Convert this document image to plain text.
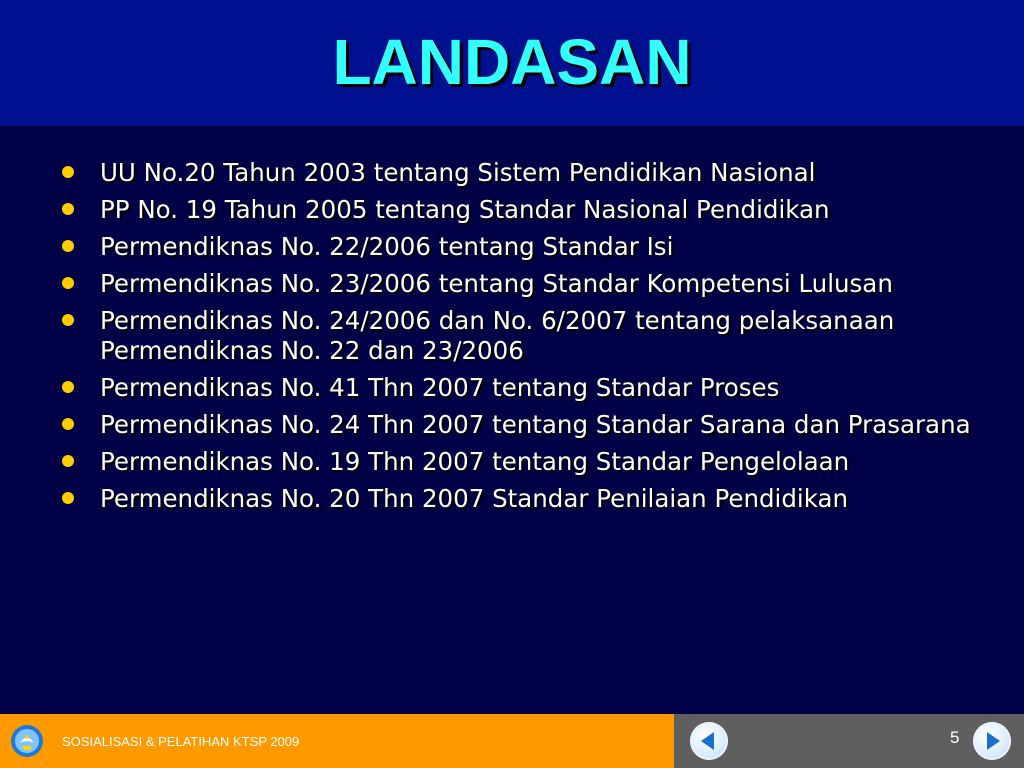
LANDASAN
UU No.20 Tahun 2003 tentang Sistem Pendidikan Nasional
PP No. 19 Tahun 2005 tentang Standar Nasional Pendidikan
Permendiknas No. 22/2006 tentang Standar Isi
Permendiknas No. 23/2006 tentang Standar Kompetensi Lulusan
Permendiknas No. 24/2006 dan No. 6/2007 tentang pelaksanaan Permendiknas No. 22 dan 23/2006
Permendiknas No. 41 Thn 2007 tentang Standar Proses
Permendiknas No. 24 Thn 2007 tentang Standar Sarana dan Prasarana
Permendiknas No. 19 Thn 2007 tentang Standar Pengelolaan
Permendiknas No. 20 Thn 2007 Standar Penilaian Pendidikan
SOSIALISASI & PELATIHAN KTSP 2009	5
